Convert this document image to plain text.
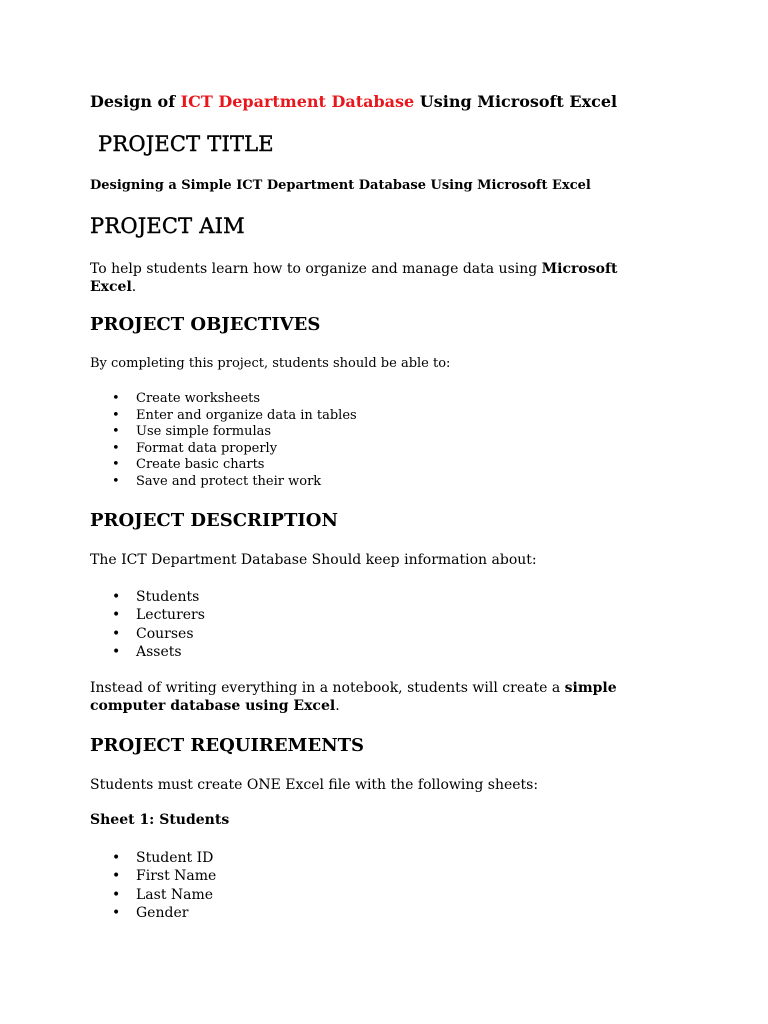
Design of ICT Department Database Using Microsoft Excel
PROJECT TITLE
Designing a Simple ICT Department Database Using Microsoft Excel
PROJECT AIM
To help students learn how to organize and manage data using Microsoft Excel.
PROJECT OBJECTIVES
By completing this project, students should be able to:
• Create worksheets
• Enter and organize data in tables
• Use simple formulas
• Format data properly
• Create basic charts
• Save and protect their work
PROJECT DESCRIPTION
The ICT Department Database Should keep information about:
• Students
• Lecturers
• Courses
• Assets
Instead of writing everything in a notebook, students will create a simple computer database using Excel.
PROJECT REQUIREMENTS
Students must create ONE Excel file with the following sheets:
Sheet 1: Students
• Student ID
• First Name
• Last Name
• Gender
